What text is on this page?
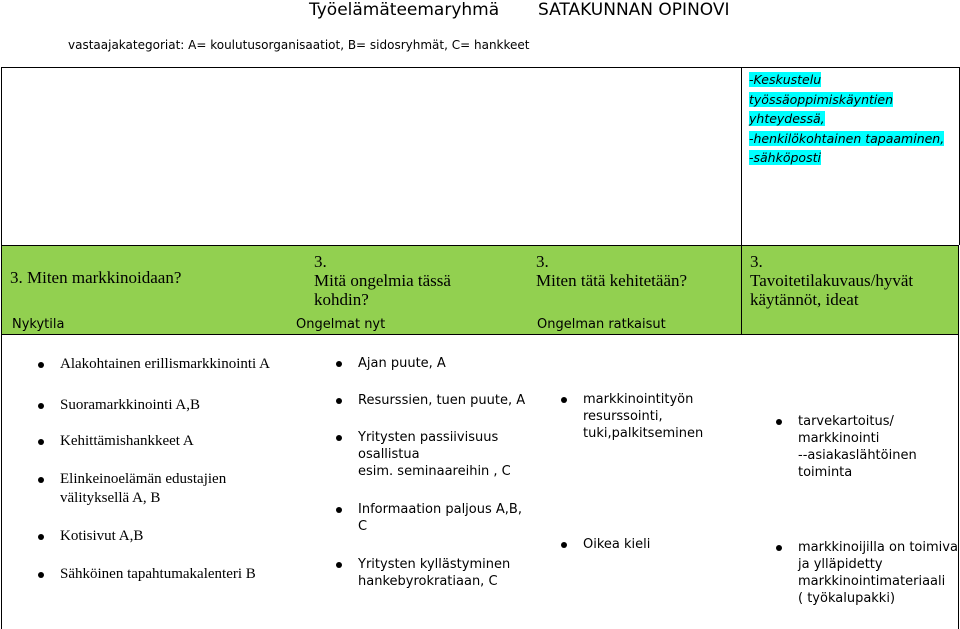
Työelämäteemaryhmä SATAKUNNAN OPINOVI
vastaajakategoriat: A= koulutusorganisaatiot, B= sidosryhmät, C= hankkeet
-Keskustelu
työssäoppimiskäyntien
yhteydessä,
-henkilökohtainen tapaaminen,
-sähköposti
3. Miten markkinoidaan?
Nykytila
3.
Mitä ongelmia tässä
kohdin?
Ongelmat nyt
3.
Miten tätä kehitetään?
Ongelman ratkaisut
3.
Tavoitetilakuvaus/hyvät
käytännöt, ideat
Alakohtainen erillismarkkinointi A
Suoramarkkinointi A,B
Kehittämishankkeet A
Elinkeinoelämän edustajien
välityksellä A, B
Kotisivut A,B
Sähköinen tapahtumakalenteri B
Ajan puute, A
Resurssien, tuen puute, A
Yritysten passiivisuus
osallistua
esim. seminaareihin , C
Informaation paljous A,B,
C
Yritysten kyllästyminen
hankebyrokratiaan, C
markkinointityön
resurssointi,
tuki,palkitseminen
Oikea kieli
tarvekartoitus/
markkinointi
--asiakaslähtöinen
toiminta
markkinoijilla on toimiva
ja ylläpidetty
markkinointimateriaali
( työkalupakki)
